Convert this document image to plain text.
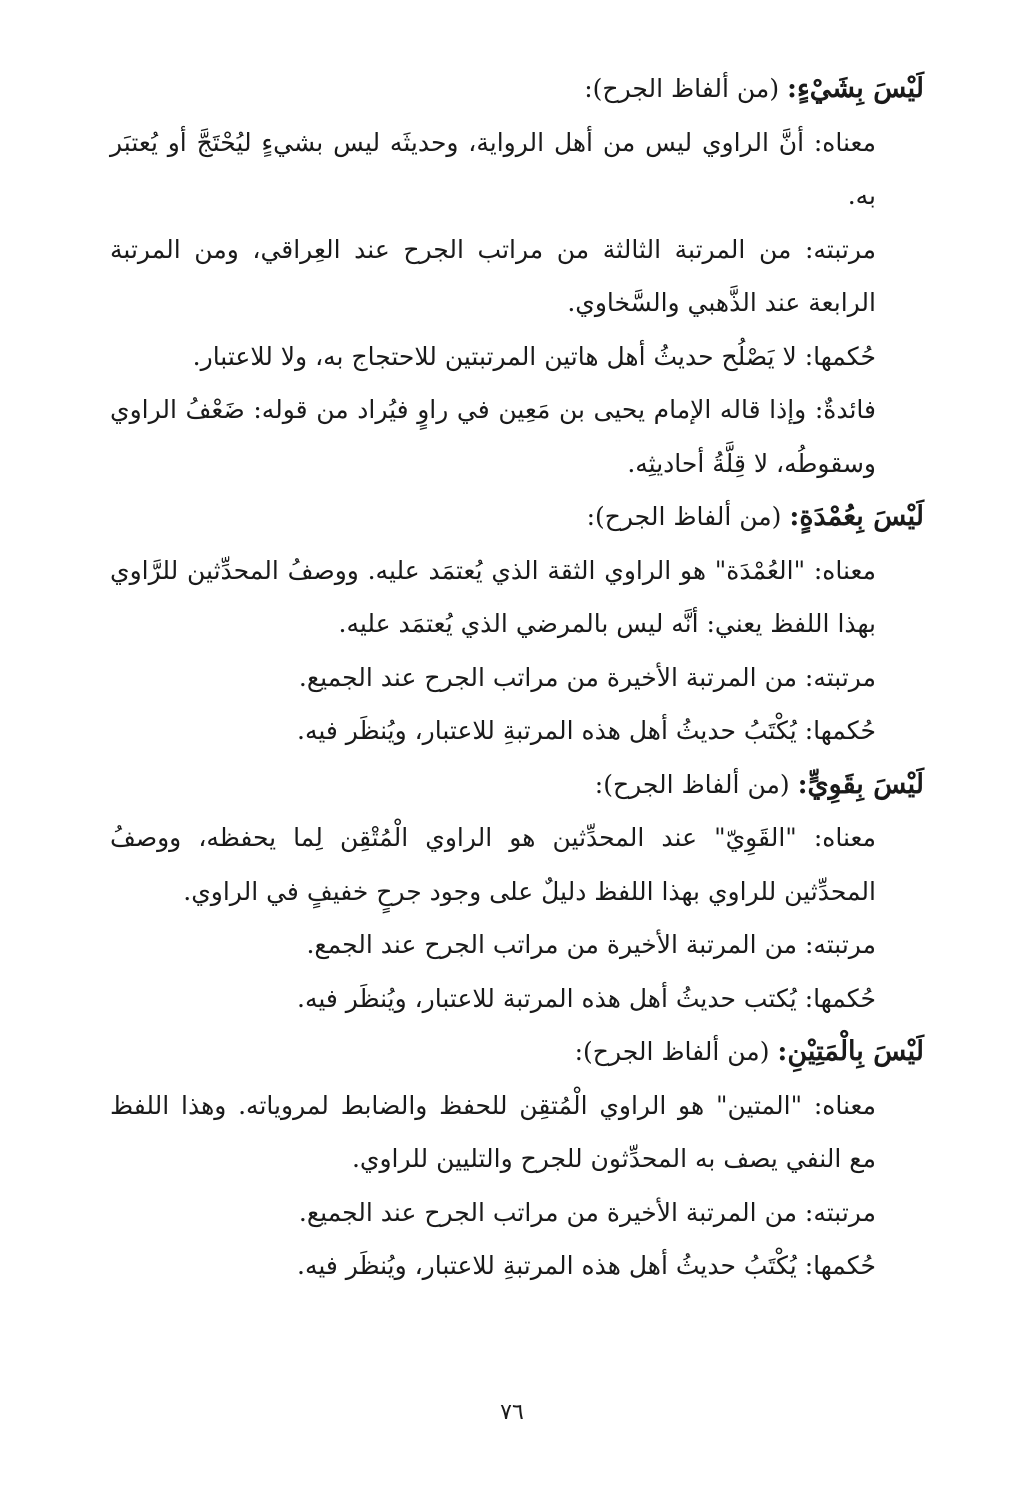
لَيْسَ بِشَيْءٍ: (من ألفاظ الجرح):

معناه: أنَّ الراوي ليس من أهل الرواية، وحديثَه ليس بشيءٍ ليُحْتَجَّ أو يُعتبَر به.

مرتبته: من المرتبة الثالثة من مراتب الجرح عند العِراقي، ومن المرتبة الرابعة عند الذَّهبي والسَّخاوي.

حُكمها: لا يَصْلُح حديثُ أهل هاتين المرتبتين للاحتجاج به، ولا للاعتبار.

فائدةٌ: وإذا قاله الإمام يحيى بن مَعِين في راوٍ فيُراد من قوله: ضَعْفُ الراوي وسقوطُه، لا قِلَّةُ أحاديثِه.

لَيْسَ بِعُمْدَةٍ: (من ألفاظ الجرح):

معناه: "العُمْدَة" هو الراوي الثقة الذي يُعتمَد عليه. ووصفُ المحدِّثين للرَّاوي بهذا اللفظ يعني: أنَّه ليس بالمرضي الذي يُعتمَد عليه.

مرتبته: من المرتبة الأخيرة من مراتب الجرح عند الجميع.

حُكمها: يُكْتَبُ حديثُ أهل هذه المرتبةِ للاعتبار، ويُنظَر فيه.

لَيْسَ بِقَوِيٍّ: (من ألفاظ الجرح):

معناه: "القَوِيّ" عند المحدِّثين هو الراوي الْمُتْقِن لِما يحفظه، ووصفُ المحدِّثين للراوي بهذا اللفظ دليلٌ على وجود جرحٍ خفيفٍ في الراوي.

مرتبته: من المرتبة الأخيرة من مراتب الجرح عند الجمع.

حُكمها: يُكتب حديثُ أهل هذه المرتبة للاعتبار، ويُنظَر فيه.

لَيْسَ بِالْمَتِيْنِ: (من ألفاظ الجرح):

معناه: "المتين" هو الراوي الْمُتقِن للحفظ والضابط لمروياته. وهذا اللفظ مع النفي يصف به المحدِّثون للجرح والتليين للراوي.

مرتبته: من المرتبة الأخيرة من مراتب الجرح عند الجميع.

حُكمها: يُكْتَبُ حديثُ أهل هذه المرتبةِ للاعتبار، ويُنظَر فيه.

٧٦
